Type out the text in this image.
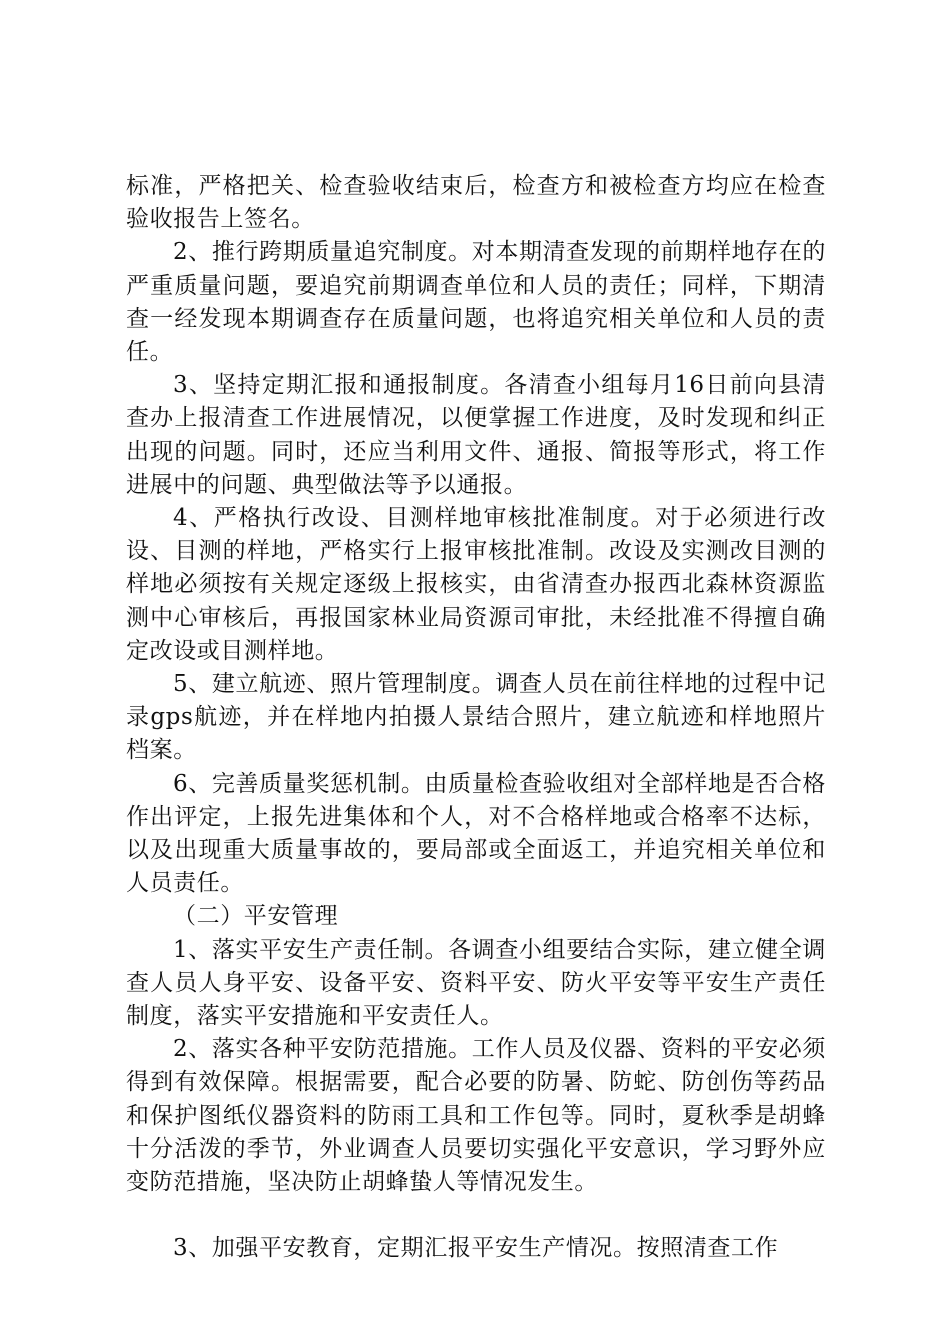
标准，严格把关、检查验收结束后，检查方和被检查方均应在检查验收报告上签名。

2、推行跨期质量追究制度。对本期清查发现的前期样地存在的严重质量问题，要追究前期调查单位和人员的责任；同样，下期清查一经发现本期调查存在质量问题，也将追究相关单位和人员的责任。

3、坚持定期汇报和通报制度。各清查小组每月16日前向县清查办上报清查工作进展情况，以便掌握工作进度，及时发现和纠正出现的问题。同时，还应当利用文件、通报、简报等形式，将工作进展中的问题、典型做法等予以通报。

4、严格执行改设、目测样地审核批准制度。对于必须进行改设、目测的样地，严格实行上报审核批准制。改设及实测改目测的样地必须按有关规定逐级上报核实，由省清查办报西北森林资源监测中心审核后，再报国家林业局资源司审批，未经批准不得擅自确定改设或目测样地。

5、建立航迹、照片管理制度。调查人员在前往样地的过程中记录gps航迹，并在样地内拍摄人景结合照片，建立航迹和样地照片档案。

6、完善质量奖惩机制。由质量检查验收组对全部样地是否合格作出评定，上报先进集体和个人，对不合格样地或合格率不达标，以及出现重大质量事故的，要局部或全面返工，并追究相关单位和人员责任。

（二）平安管理

1、落实平安生产责任制。各调查小组要结合实际，建立健全调查人员人身平安、设备平安、资料平安、防火平安等平安生产责任制度，落实平安措施和平安责任人。

2、落实各种平安防范措施。工作人员及仪器、资料的平安必须得到有效保障。根据需要，配合必要的防暑、防蛇、防创伤等药品和保护图纸仪器资料的防雨工具和工作包等。同时，夏秋季是胡蜂十分活泼的季节，外业调查人员要切实强化平安意识，学习野外应变防范措施，坚决防止胡蜂蛰人等情况发生。

3、加强平安教育，定期汇报平安生产情况。按照清查工作
